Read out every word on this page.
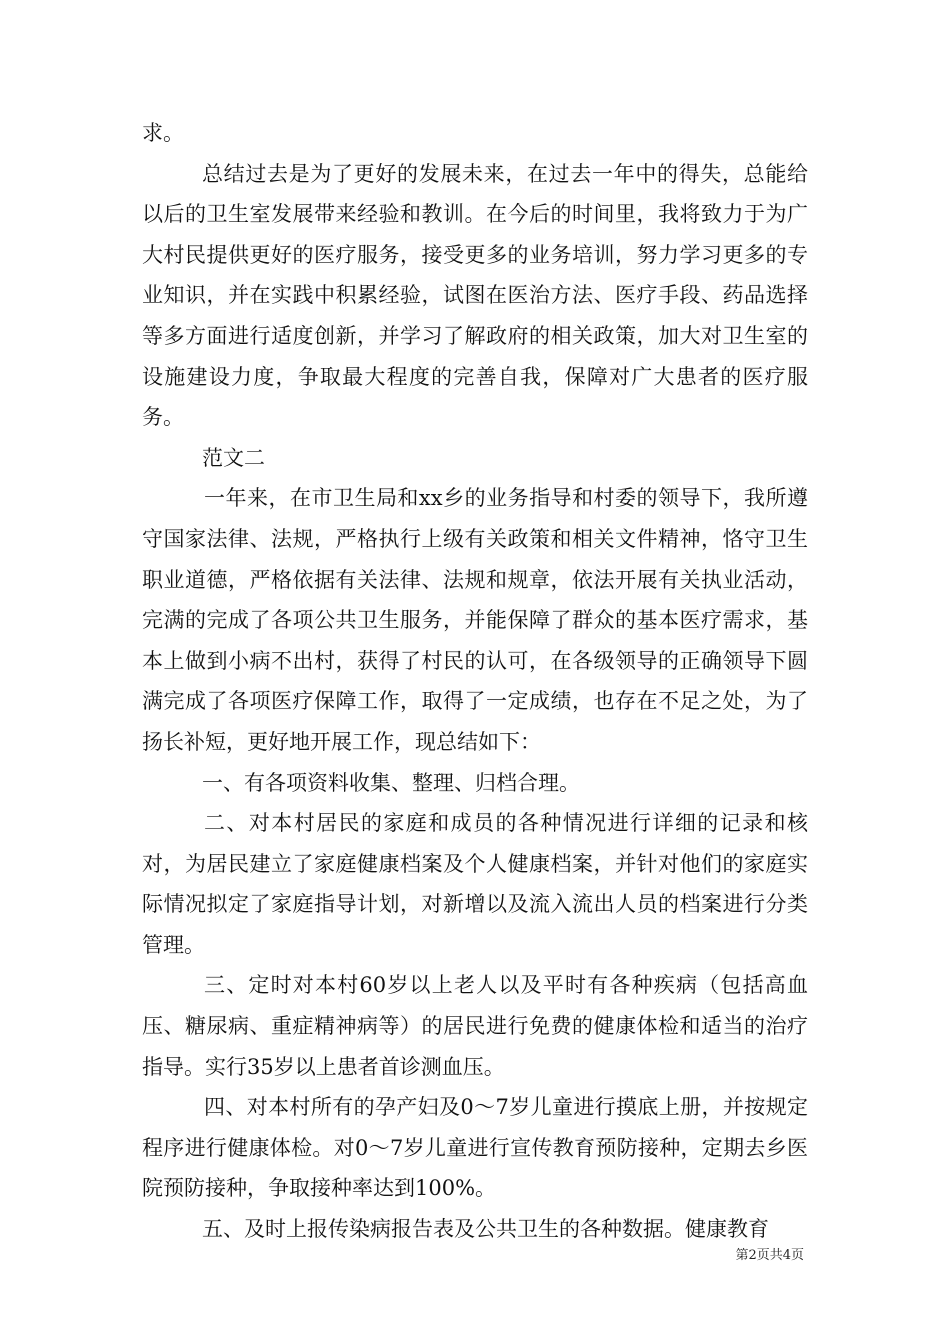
求。

总结过去是为了更好的发展未来，在过去一年中的得失，总能给以后的卫生室发展带来经验和教训。在今后的时间里，我将致力于为广大村民提供更好的医疗服务，接受更多的业务培训，努力学习更多的专业知识，并在实践中积累经验，试图在医治方法、医疗手段、药品选择等多方面进行适度创新，并学习了解政府的相关政策，加大对卫生室的设施建设力度，争取最大程度的完善自我，保障对广大患者的医疗服务。

范文二

一年来，在市卫生局和xx乡的业务指导和村委的领导下，我所遵守国家法律、法规，严格执行上级有关政策和相关文件精神，恪守卫生职业道德，严格依据有关法律、法规和规章，依法开展有关执业活动，完满的完成了各项公共卫生服务，并能保障了群众的基本医疗需求，基本上做到小病不出村，获得了村民的认可，在各级领导的正确领导下圆满完成了各项医疗保障工作，取得了一定成绩，也存在不足之处，为了扬长补短，更好地开展工作，现总结如下：

一、有各项资料收集、整理、归档合理。

二、对本村居民的家庭和成员的各种情况进行详细的记录和核对，为居民建立了家庭健康档案及个人健康档案，并针对他们的家庭实际情况拟定了家庭指导计划，对新增以及流入流出人员的档案进行分类管理。

三、定时对本村60岁以上老人以及平时有各种疾病（包括高血压、糖尿病、重症精神病等）的居民进行免费的健康体检和适当的治疗指导。实行35岁以上患者首诊测血压。

四、对本村所有的孕产妇及0～7岁儿童进行摸底上册，并按规定程序进行健康体检。对0～7岁儿童进行宣传教育预防接种，定期去乡医院预防接种，争取接种率达到100%。

五、及时上报传染病报告表及公共卫生的各种数据。健康教育

第2页共4页
